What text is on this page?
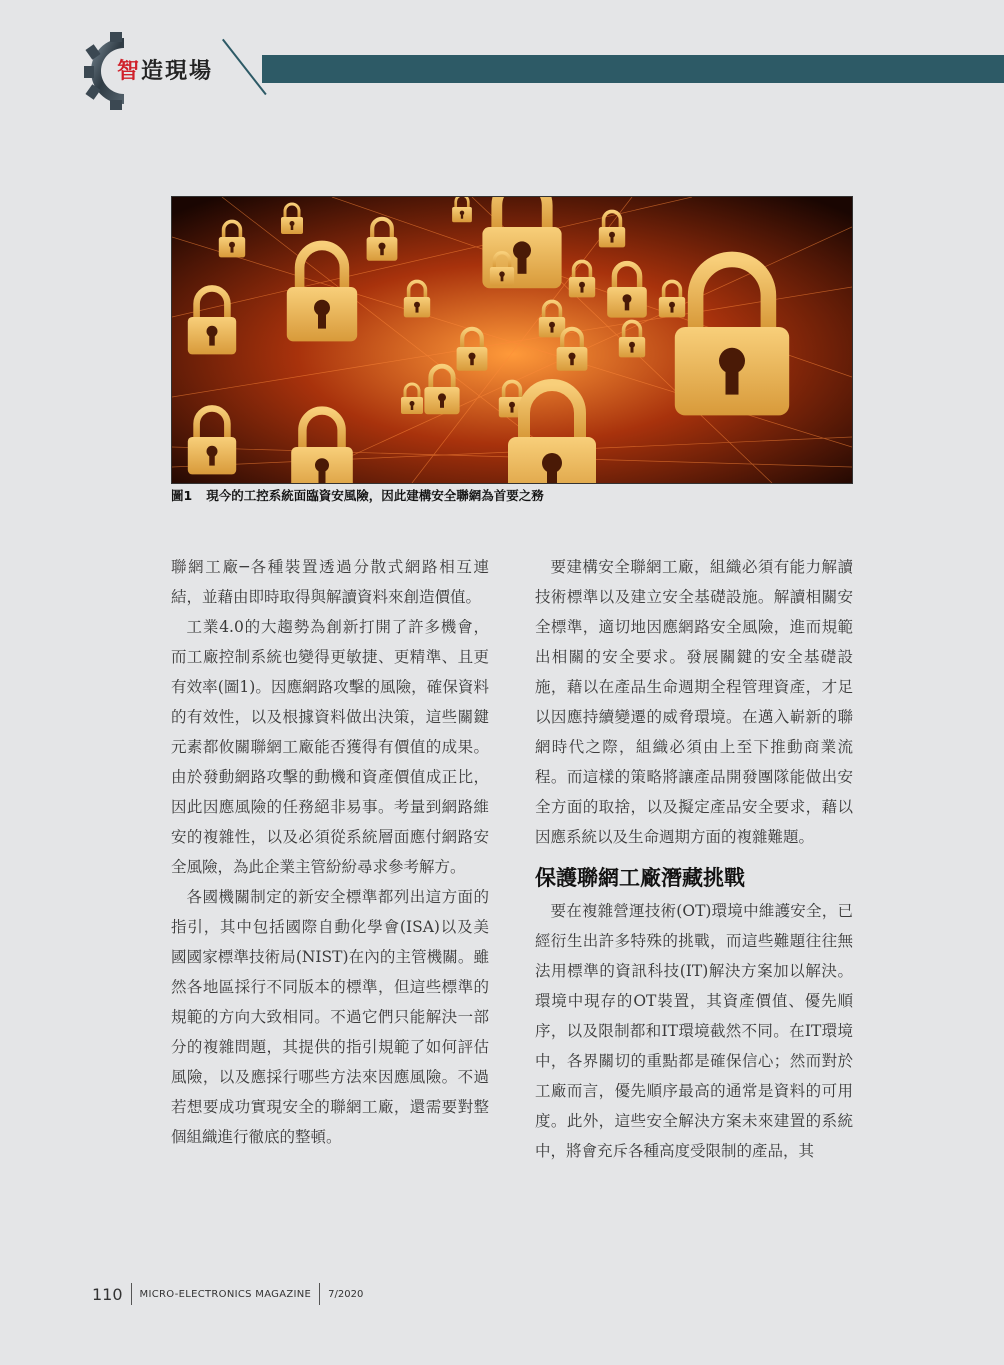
智造現場
圖1 現今的工控系統面臨資安風險，因此建構安全聯網為首要之務

聯網工廠─各種裝置透過分散式網路相互連結，並藉由即時取得與解讀資料來創造價值。

工業4.0的大趨勢為創新打開了許多機會，而工廠控制系統也變得更敏捷、更精準、且更有效率(圖1)。因應網路攻擊的風險，確保資料的有效性，以及根據資料做出決策，這些關鍵元素都攸關聯網工廠能否獲得有價值的成果。由於發動網路攻擊的動機和資產價值成正比，因此因應風險的任務絕非易事。考量到網路維安的複雜性，以及必須從系統層面應付網路安全風險，為此企業主管紛紛尋求參考解方。

各國機關制定的新安全標準都列出這方面的指引，其中包括國際自動化學會(ISA)以及美國國家標準技術局(NIST)在內的主管機關。雖然各地區採行不同版本的標準，但這些標準的規範的方向大致相同。不過它們只能解決一部分的複雜問題，其提供的指引規範了如何評估風險，以及應採行哪些方法來因應風險。不過若想要成功實現安全的聯網工廠，還需要對整個組織進行徹底的整頓。

要建構安全聯網工廠，組織必須有能力解讀技術標準以及建立安全基礎設施。解讀相關安全標準，適切地因應網路安全風險，進而規範出相關的安全要求。發展關鍵的安全基礎設施，藉以在產品生命週期全程管理資產，才足以因應持續變遷的威脅環境。在邁入嶄新的聯網時代之際，組織必須由上至下推動商業流程。而這樣的策略將讓產品開發團隊能做出安全方面的取捨，以及擬定產品安全要求，藉以因應系統以及生命週期方面的複雜難題。

保護聯網工廠潛藏挑戰

要在複雜營運技術(OT)環境中維護安全，已經衍生出許多特殊的挑戰，而這些難題往往無法用標準的資訊科技(IT)解決方案加以解決。環境中現存的OT裝置，其資產價值、優先順序，以及限制都和IT環境截然不同。在IT環境中，各界關切的重點都是確保信心；然而對於工廠而言，優先順序最高的通常是資料的可用度。此外，這些安全解決方案未來建置的系統中，將會充斥各種高度受限制的產品，其

110 MICRO-ELECTRONICS MAGAZINE 7/2020
